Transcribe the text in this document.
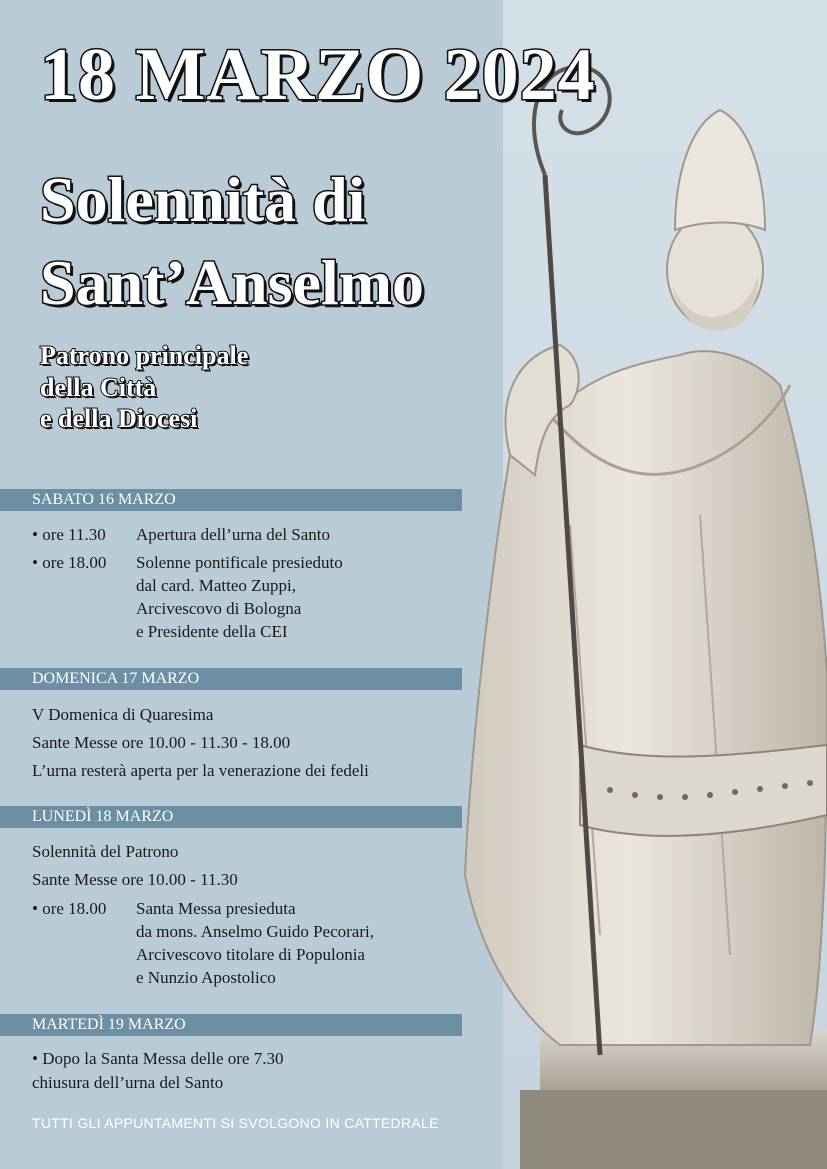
18 MARZO 2024
Solennità di
Sant’Anselmo
Patrono principale
della Città
e della Diocesi
SABATO 16 MARZO
• ore 11.30	Apertura dell’urna del Santo
• ore 18.00	Solenne pontificale presieduto
dal card. Matteo Zuppi,
Arcivescovo di Bologna
e Presidente della CEI
DOMENICA 17 MARZO
V Domenica di Quaresima
Sante Messe ore 10.00 - 11.30 - 18.00
L’urna resterà aperta per la venerazione dei fedeli
LUNEDÌ 18 MARZO
Solennità del Patrono
Sante Messe ore 10.00 - 11.30
• ore 18.00	Santa Messa presieduta
da mons. Anselmo Guido Pecorari,
Arcivescovo titolare di Populonia
e Nunzio Apostolico
MARTEDÌ 19 MARZO
• Dopo la Santa Messa delle ore 7.30
chiusura dell’urna del Santo
TUTTI GLI APPUNTAMENTI SI SVOLGONO IN CATTEDRALE
